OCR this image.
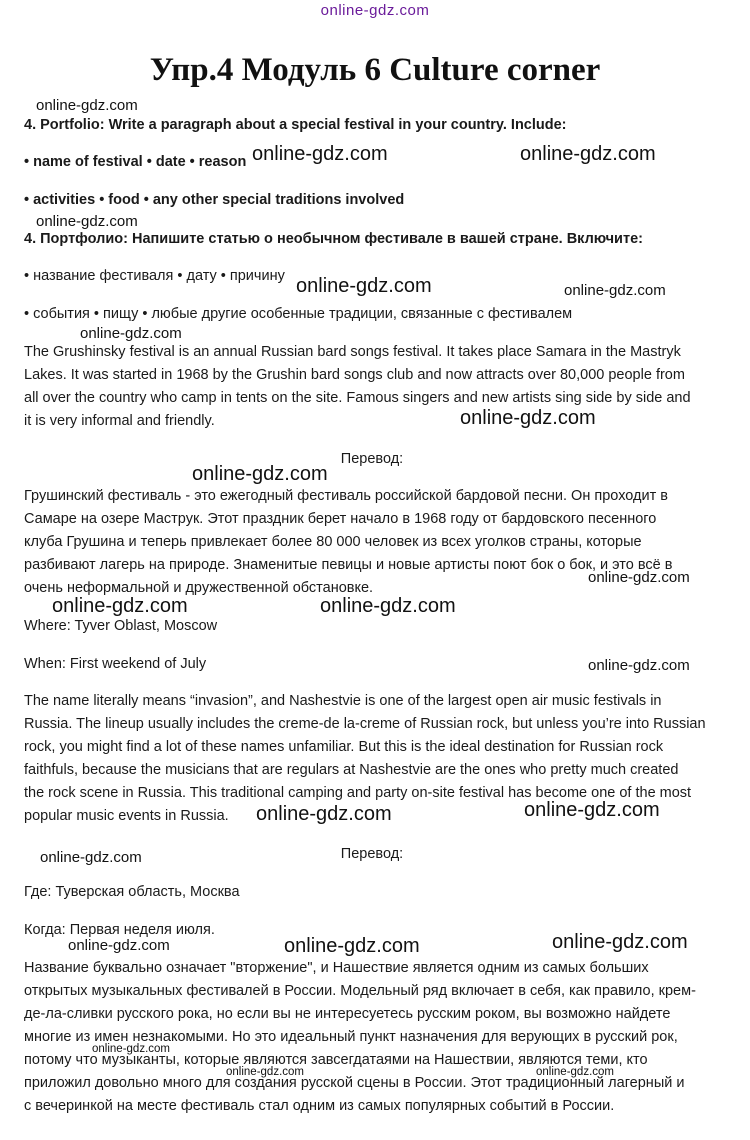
online-gdz.com
Упр.4 Модуль 6 Culture corner
4. Portfolio: Write a paragraph about a special festival in your country. Include:
• name of festival • date • reason
• activities • food • any other special traditions involved
4. Портфолио: Напишите статью о необычном фестивале в вашей стране. Включите:
• название фестиваля • дату • причину
• события • пищу • любые другие особенные традиции, связанные с фестивалем
The Grushinsky festival is an annual Russian bard songs festival. It takes place Samara in the Mastryk
Lakes. It was started in 1968 by the Grushin bard songs club and now attracts over 80,000 people from
all over the country who camp in tents on the site. Famous singers and new artists sing side by side and
it is very informal and friendly.
Перевод:
Грушинский фестиваль - это ежегодный фестиваль российской бардовой песни. Он проходит в
Самаре на озере Маструк. Этот праздник берет начало в 1968 году от бардовского песенного
клуба Грушина и теперь привлекает более 80 000 человек из всех уголков страны, которые
разбивают лагерь на природе. Знаменитые певицы и новые артисты поют бок о бок, и это всё в
очень неформальной и дружественной обстановке.
Where: Tyver Oblast, Moscow
When: First weekend of July
The name literally means “invasion”, and Nashestvie is one of the largest open air music festivals in
Russia. The lineup usually includes the creme-de la-creme of Russian rock, but unless you’re into Russian
rock, you might find a lot of these names unfamiliar. But this is the ideal destination for Russian rock
faithfuls, because the musicians that are regulars at Nashestvie are the ones who pretty much created
the rock scene in Russia. This traditional camping and party on-site festival has become one of the most
popular music events in Russia.
Перевод:
Где: Туверская область, Москва
Когда: Первая неделя июля.
Название буквально означает "вторжение", и Нашествие является одним из самых больших
открытых музыкальных фестивалей в России. Модельный ряд включает в себя, как правило, крем-
де-ла-сливки русского рока, но если вы не интересуетесь русским роком, вы возможно найдете
многие из имен незнакомыми. Но это идеальный пункт назначения для верующих в русский рок,
потому что музыканты, которые являются завсегдатаями на Нашествии, являются теми, кто
приложил довольно много для создания русской сцены в России. Этот традиционный лагерный и
с вечеринкой на месте фестиваль стал одним из самых популярных событий в России.
online-gdz.com
online-gdz.com	online-gdz.com
online-gdz.com
online-gdz.com	online-gdz.com
online-gdz.com
online-gdz.com
online-gdz.com
online-gdz.com
online-gdz.com	online-gdz.com
online-gdz.com
online-gdz.com	online-gdz.com
online-gdz.com
online-gdz.com	online-gdz.com	online-gdz.com
online-gdz.com
online-gdz.com	online-gdz.com
